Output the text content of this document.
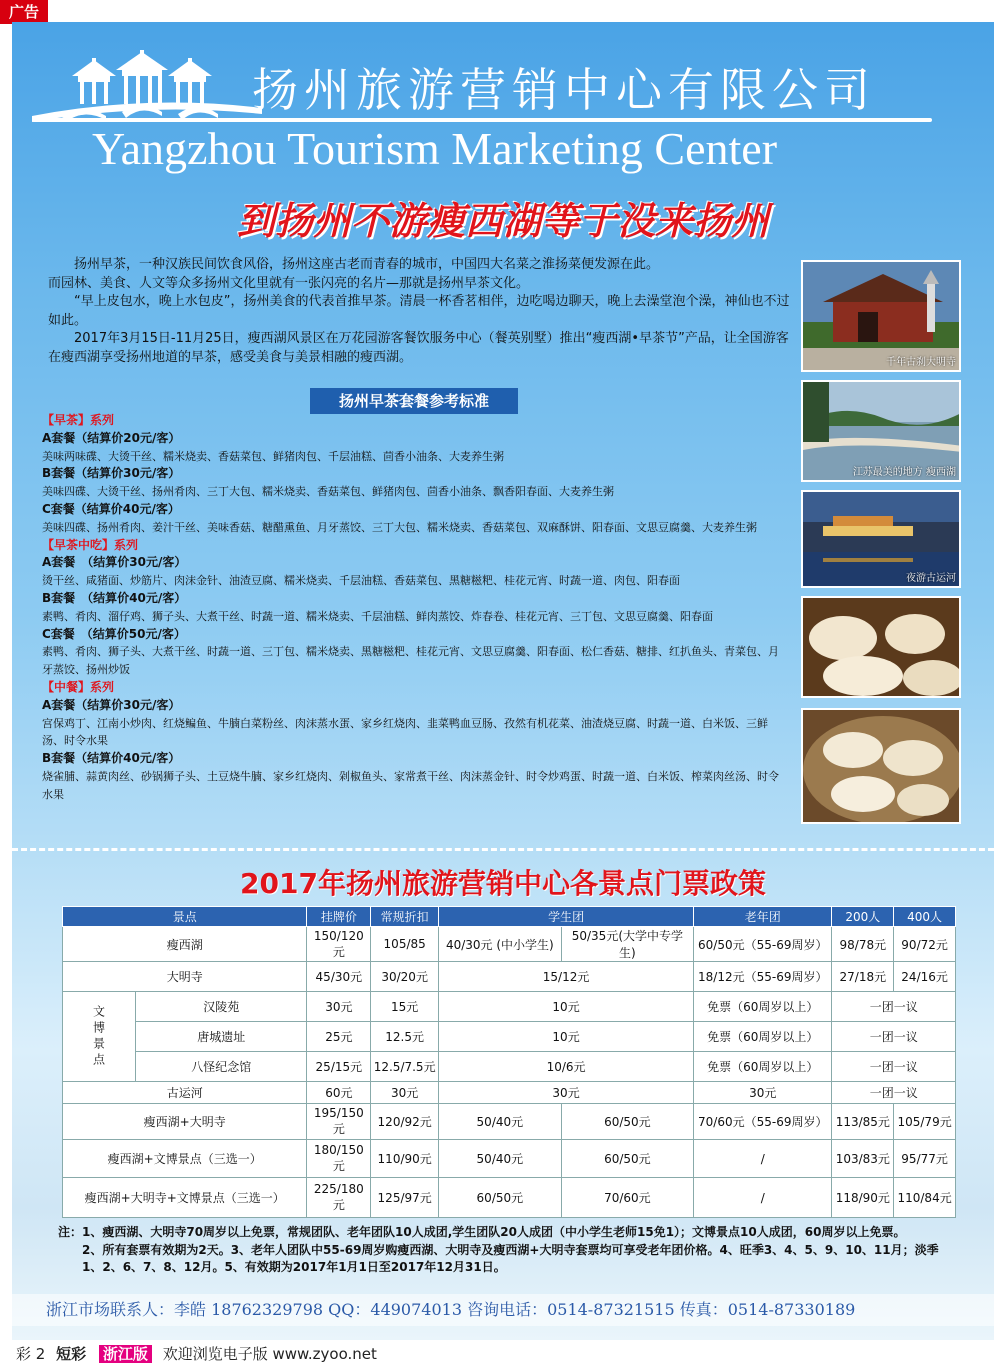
广告
扬州旅游营销中心有限公司
Yangzhou Tourism Marketing Center
到扬州不游瘦西湖等于没来扬州

扬州早茶，一种汉族民间饮食风俗，扬州这座古老而青春的城市，中国四大名菜之淮扬菜便发源在此。

而园林、美食、人文等众多扬州文化里就有一张闪亮的名片—那就是扬州早茶文化。

“早上皮包水，晚上水包皮”，扬州美食的代表首推早茶。清晨一杯香茗相伴，边吃喝边聊天，晚上去澡堂泡个澡，神仙也不过如此。

2017年3月15日-11月25日，瘦西湖风景区在万花园游客餐饮服务中心（餐英别墅）推出“瘦西湖•早茶节”产品，让全国游客在瘦西湖享受扬州地道的早茶，感受美食与美景相融的瘦西湖。	千年古刹大明寺
江苏最美的地方 瘦西湖
夜游古运河
扬州早茶套餐参考标准
【早茶】系列
A套餐（结算价20元/客）
美味两味碟、大烫干丝、糯米烧卖、香菇菜包、鲜猪肉包、千层油糕、茴香小油条、大麦养生粥
B套餐（结算价30元/客）
美味四碟、大烫干丝、扬州肴肉、三丁大包、糯米烧卖、香菇菜包、鲜猪肉包、茴香小油条、飘香阳春面、大麦养生粥
C套餐（结算价40元/客）
美味四碟、扬州肴肉、姜汁干丝、美味香菇、糖醋熏鱼、月牙蒸饺、三丁大包、糯米烧卖、香菇菜包、双麻酥饼、阳春面、文思豆腐羹、大麦养生粥
【早茶中吃】系列
A套餐　（结算价30元/客）
烫干丝、咸猪面、炒筋片、肉沫金针、油渣豆腐、糯米烧卖、千层油糕、香菇菜包、黑糖糍粑、桂花元宵、时蔬一道、肉包、阳春面
B套餐　（结算价40元/客）
素鸭、肴肉、溜仔鸡、狮子头、大煮干丝、时蔬一道、糯米烧卖、千层油糕、鲜肉蒸饺、炸春卷、桂花元宵、三丁包、文思豆腐羹、阳春面
C套餐　（结算价50元/客）
素鸭、肴肉、狮子头、大煮干丝、时蔬一道、三丁包、糯米烧卖、黑糖糍粑、桂花元宵、文思豆腐羹、阳春面、松仁香菇、糖排、红扒鱼头、青菜包、月牙蒸饺、扬州炒饭
【中餐】系列
A套餐（结算价30元/客）
宫保鸡丁、江南小炒肉、红烧鳊鱼、牛腩白菜粉丝、肉沫蒸水蛋、家乡红烧肉、韭菜鸭血豆肠、孜然有机花菜、油渣烧豆腐、时蔬一道、白米饭、三鲜汤、时令水果
B套餐（结算价40元/客）
烧雀脯、蒜黄肉丝、砂锅狮子头、土豆烧牛腩、家乡红烧肉、剁椒鱼头、家常煮干丝、肉沫蒸金针、时令炒鸡蛋、时蔬一道、白米饭、榨菜肉丝汤、时令水果
2017年扬州旅游营销中心各景点门票政策
景点		挂牌价	常规折扣	学生团		老年团	200人	400人
瘦西湖		150/120元	105/85	40/30元 (中小学生)	50/35元(大学中专学生)	60/50元（55-69周岁）	98/78元	90/72元
大明寺		45/30元	30/20元	15/12元		18/12元（55-69周岁）	27/18元	24/16元
文博景点	汉陵苑	30元	15元	10元		免票（60周岁以上）	一团一议	
	唐城遗址	25元	12.5元	10元		免票（60周岁以上）	一团一议	
	八怪纪念馆	25/15元	12.5/7.5元	10/6元		免票（60周岁以上）	一团一议	
古运河		60元	30元	30元		30元	一团一议	
瘦西湖+大明寺		195/150元	120/92元	50/40元	60/50元	70/60元（55-69周岁）	113/85元	105/79元
瘦西湖+文博景点（三选一）		180/150元	110/90元	50/40元	60/50元	/	103/83元	95/77元
瘦西湖+大明寺+文博景点（三选一）		225/180元	125/97元	60/50元	70/60元	/	118/90元	110/84元
注：1、瘦西湖、大明寺70周岁以上免票，常规团队、老年团队10人成团,学生团队20人成团（中小学生老师15免1）；文博景点10人成团，60周岁以上免票。
2、所有套票有效期为2天。3、老年人团队中55-69周岁购瘦西湖、大明寺及瘦西湖+大明寺套票均可享受老年团价格。4、旺季3、4、5、9、10、11月；淡季1、2、6、7、8、12月。5、有效期为2017年1月1日至2017年12月31日。
浙江市场联系人：李皓 18762329798 QQ：449074013 咨询电话：0514-87321515 传真：0514-87330189
彩 2 短彩 浙江版 欢迎浏览电子版 www.zyoo.net
